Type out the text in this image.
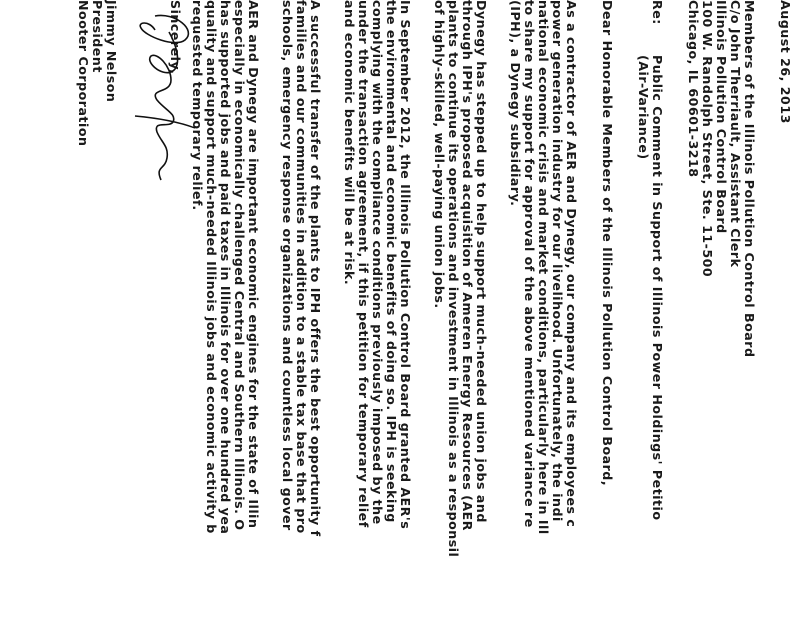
August 26, 2013
Members of the Illinois Pollution Control Board
C/o John Therriault, Assistant Clerk
Illinois Pollution Control Board
100 W. Randolph Street, Ste. 11-500
Chicago, IL 60601-3218
Re:
Public Comment in Support of Illinois Power Holdings' Petitio
(Air-Variance)
Dear Honorable Members of the Illinois Pollution Control Board,
As a contractor of AER and Dynegy, our company and its employees c
power generation industry for our livelihood. Unfortunately, the indi
national economic crisis and market conditions, particularly here in Ill
to share my support for approval of the above mentioned variance re
(IPH), a Dynegy subsidiary.
Dynegy has stepped up to help support much-needed union jobs and
through IPH's proposed acquisition of Ameren Energy Resources (AER
plants to continue its operations and investment in Illinois as a responsil
of highly-skilled, well-paying union jobs.
In September 2012, the Illinois Pollution Control Board granted AER's
the environmental and economic benefits of doing so. IPH is seeking
complying with the compliance conditions previously imposed by the
under the transaction agreement, if this petition for temporary relief
and economic benefits will be at risk.
A successful transfer of the plants to IPH offers the best opportunity f
families and our communities in addition to a stable tax base that pro
schools, emergency response organizations and countless local gover
AER and Dynegy are important economic engines for the state of Illin
especially in economically challenged Central and Southern Illinois. O
has supported jobs and paid taxes in Illinois for over one hundred yea
quality and support much-needed Illinois jobs and economic activity b
requested temporary relief.
Sincerely,
Jimmy Nelson
President
Nooter Corporation
